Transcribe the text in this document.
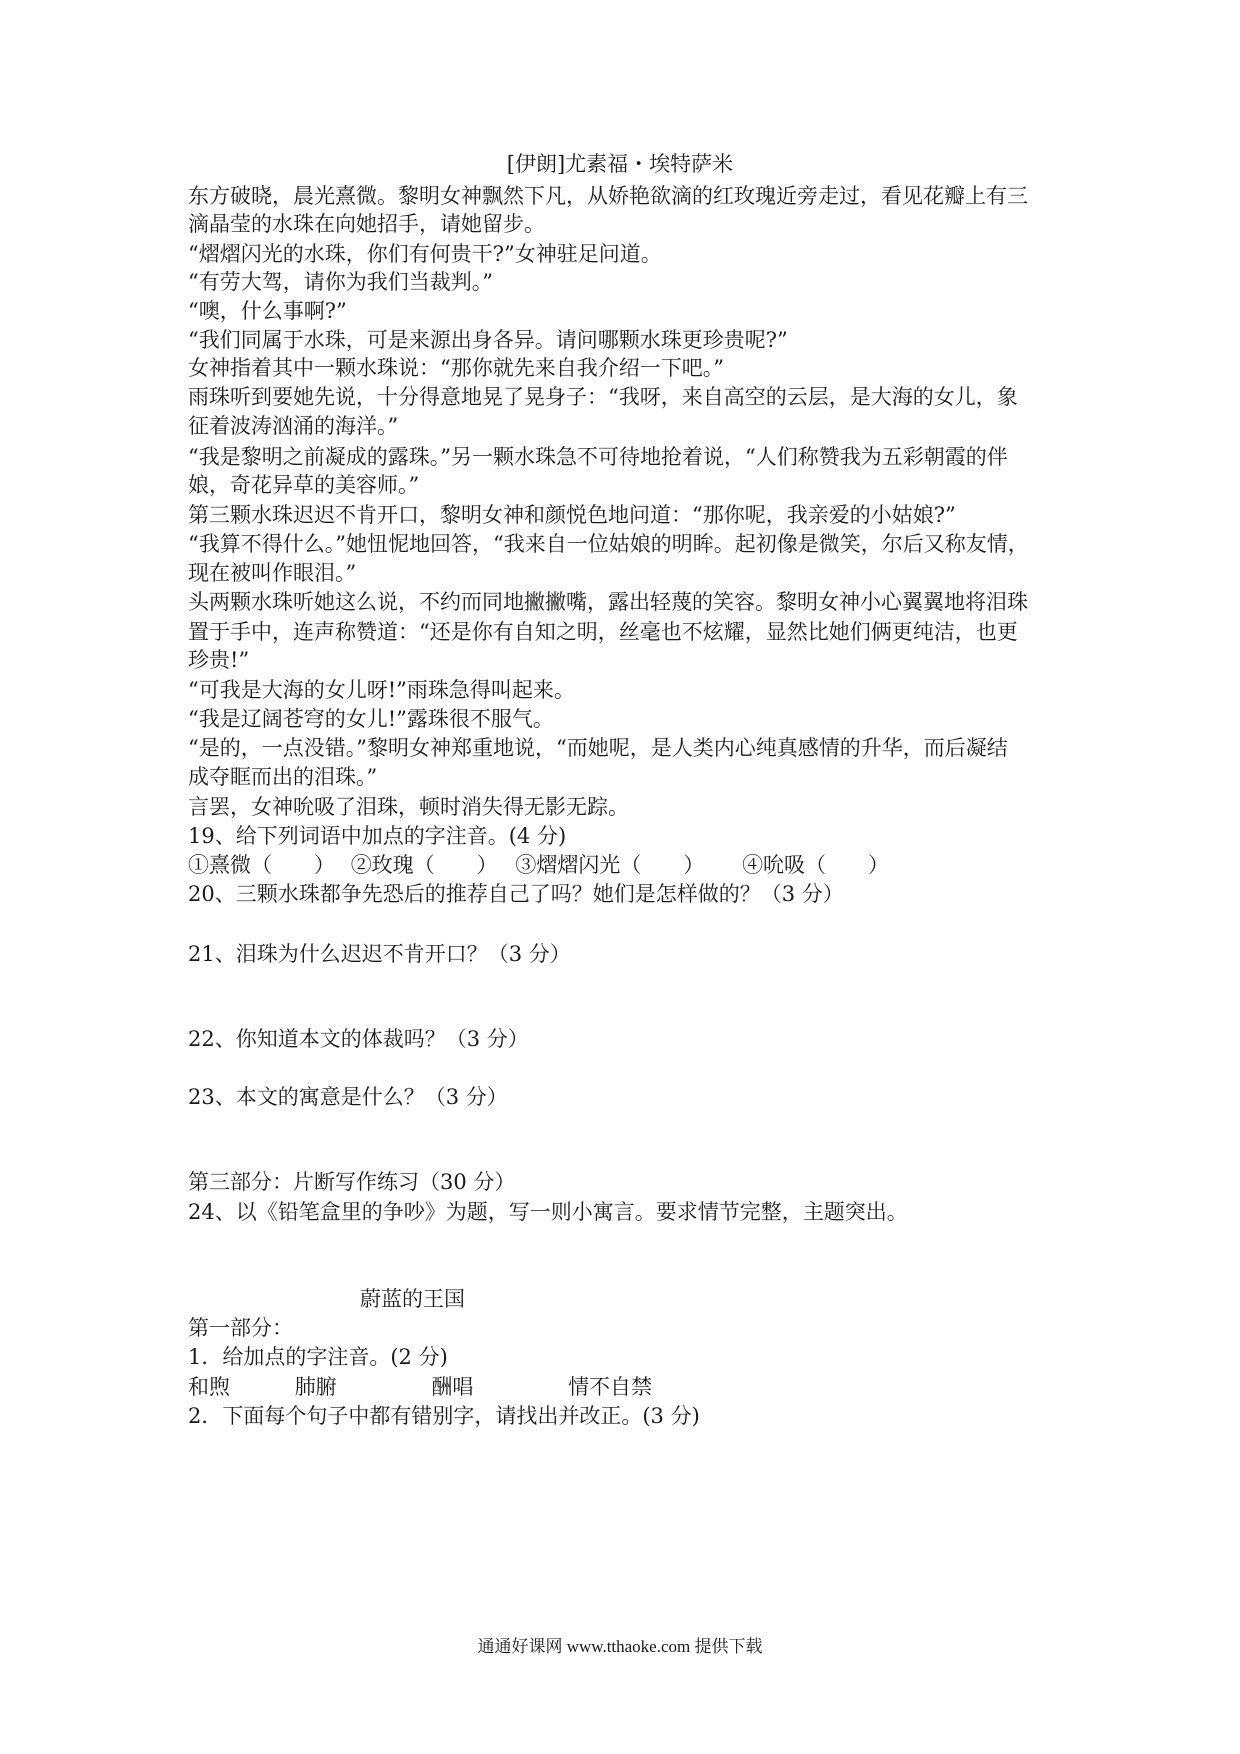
[伊朗]尤素福・埃特萨米
东方破晓，晨光熹微。黎明女神飘然下凡，从娇艳欲滴的红玫瑰近旁走过，看见花瓣上有三
滴晶莹的水珠在向她招手，请她留步。
“熠熠闪光的水珠，你们有何贵干?”女神驻足问道。
“有劳大驾，请你为我们当裁判。”
“噢，什么事啊?”
“我们同属于水珠，可是来源出身各异。请问哪颗水珠更珍贵呢?”
女神指着其中一颗水珠说：“那你就先来自我介绍一下吧。”
雨珠听到要她先说，十分得意地晃了晃身子：“我呀，来自高空的云层，是大海的女儿，象
征着波涛汹涌的海洋。”
“我是黎明之前凝成的露珠。”另一颗水珠急不可待地抢着说，“人们称赞我为五彩朝霞的伴
娘，奇花异草的美容师。”
第三颗水珠迟迟不肯开口，黎明女神和颜悦色地问道：“那你呢，我亲爱的小姑娘?”
“我算不得什么。”她忸怩地回答，“我来自一位姑娘的明眸。起初像是微笑，尔后又称友情，
现在被叫作眼泪。”
头两颗水珠听她这么说，不约而同地撇撇嘴，露出轻蔑的笑容。黎明女神小心翼翼地将泪珠
置于手中，连声称赞道：“还是你有自知之明，丝毫也不炫耀，显然比她们俩更纯洁，也更
珍贵!”
“可我是大海的女儿呀!”雨珠急得叫起来。
“我是辽阔苍穹的女儿!”露珠很不服气。
“是的，一点没错。”黎明女神郑重地说，“而她呢，是人类内心纯真感情的升华，而后凝结
成夺眶而出的泪珠。”
言罢，女神吮吸了泪珠，顿时消失得无影无踪。
19、给下列词语中加点的字注音。(4 分)
①熹微（　　） ②玫瑰（　　） ③熠熠闪光（　　） ④吮吸（　　）
20、三颗水珠都争先恐后的推荐自己了吗？她们是怎样做的？（3 分）
21、泪珠为什么迟迟不肯开口？（3 分）
22、你知道本文的体裁吗？（3 分）
23、本文的寓意是什么？（3 分）
第三部分：片断写作练习（30 分）
24、以《铅笔盒里的争吵》为题，写一则小寓言。要求情节完整，主题突出。
蔚蓝的王国
第一部分：
1．给加点的字注音。(2 分)
和煦	肺腑	酬唱	情不自禁
2．下面每个句子中都有错别字，请找出并改正。(3 分)
通通好课网 www.tthaoke.com 提供下载
